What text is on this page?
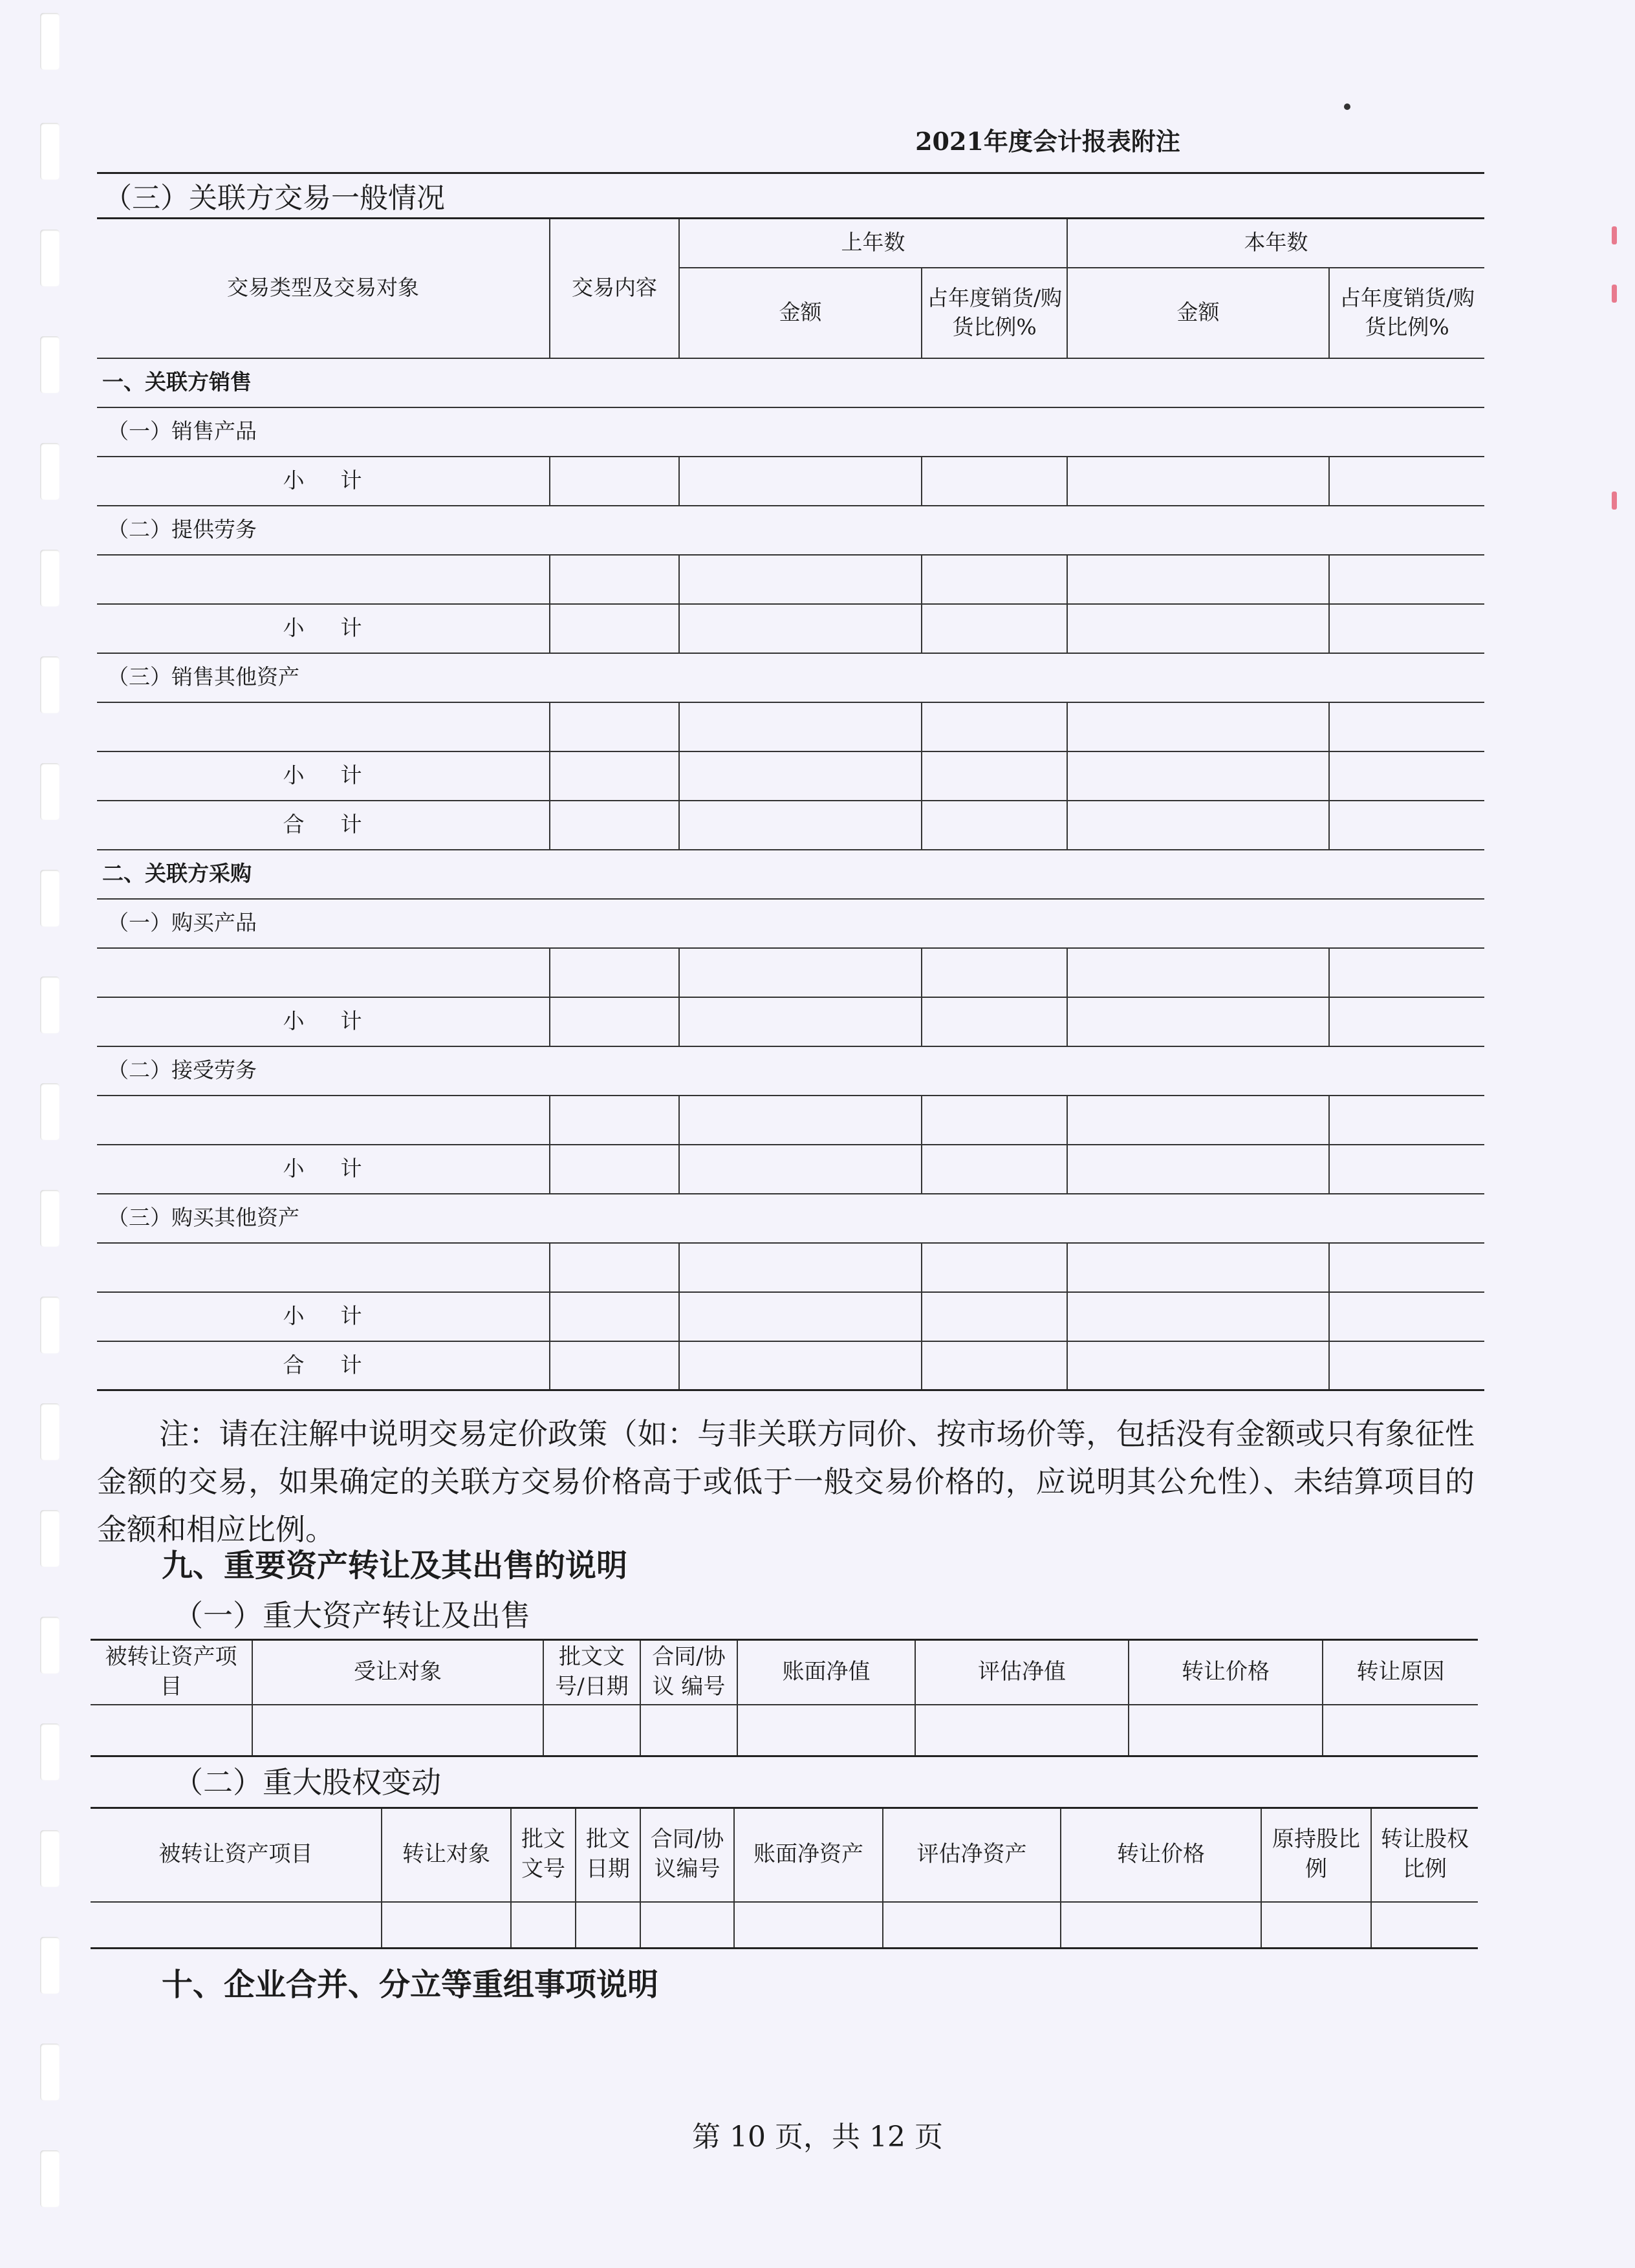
2021年度会计报表附注
（三）关联方交易一般情况
交易类型及交易对象	交易内容	上年数		本年数	
		金额	占年度销货/购货比例%	金额	占年度销货/购货比例%
一、关联方销售					
（一）销售产品					
小计					
（二）提供劳务					

小计					
（三）销售其他资产					

小计					
合计					
二、关联方采购					
（一）购买产品					

小计					
（二）接受劳务					

小计					
（三）购买其他资产					

小计					
合计					
注：请在注解中说明交易定价政策（如：与非关联方同价、按市场价等，包括没有金额或只有象征性金额的交易，如果确定的关联方交易价格高于或低于一般交易价格的，应说明其公允性）、未结算项目的金额和相应比例。
九、重要资产转让及其出售的说明
（一）重大资产转让及出售
被转让资产项目	受让对象	批文文号/日期	合同/协议 编号	账面净值	评估净值	转让价格	转让原因

（二）重大股权变动
被转让资产项目	转让对象	批文文号	批文日期	合同/协议编号	账面净资产	评估净资产	转让价格	原持股比例	转让股权比例

十、企业合并、分立等重组事项说明
第 10 页，共 12 页
